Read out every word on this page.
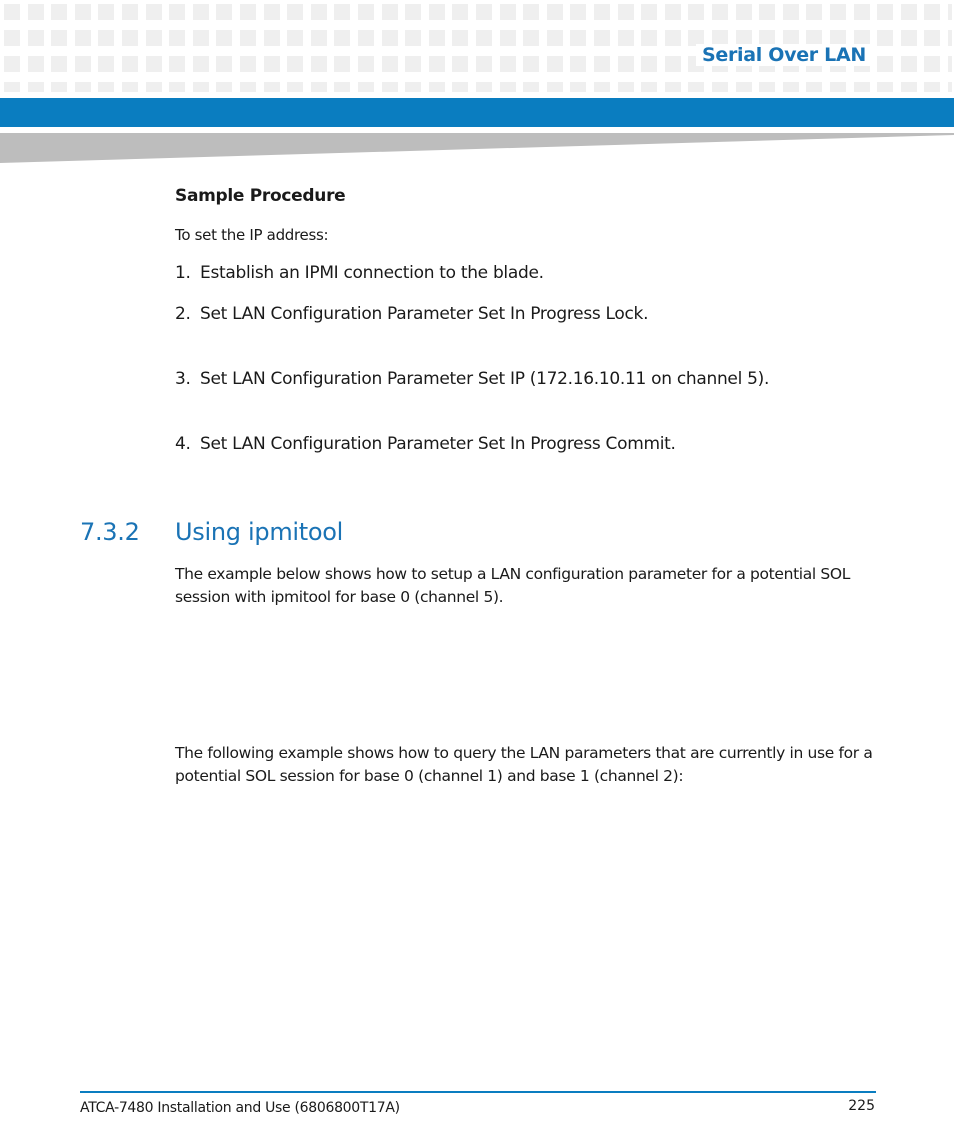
Serial Over LAN
Sample Procedure
To set the IP address:
1. Establish an IPMI connection to the blade.
2. Set LAN Configuration Parameter Set In Progress Lock.
3. Set LAN Configuration Parameter Set IP (172.16.10.11 on channel 5).
4. Set LAN Configuration Parameter Set In Progress Commit.
7.3.2 Using ipmitool
The example below shows how to setup a LAN configuration parameter for a potential SOL session with ipmitool for base 0 (channel 5).
The following example shows how to query the LAN parameters that are currently in use for a potential SOL session for base 0 (channel 1) and base 1 (channel 2):
ATCA-7480 Installation and Use (6806800T17A)	225
